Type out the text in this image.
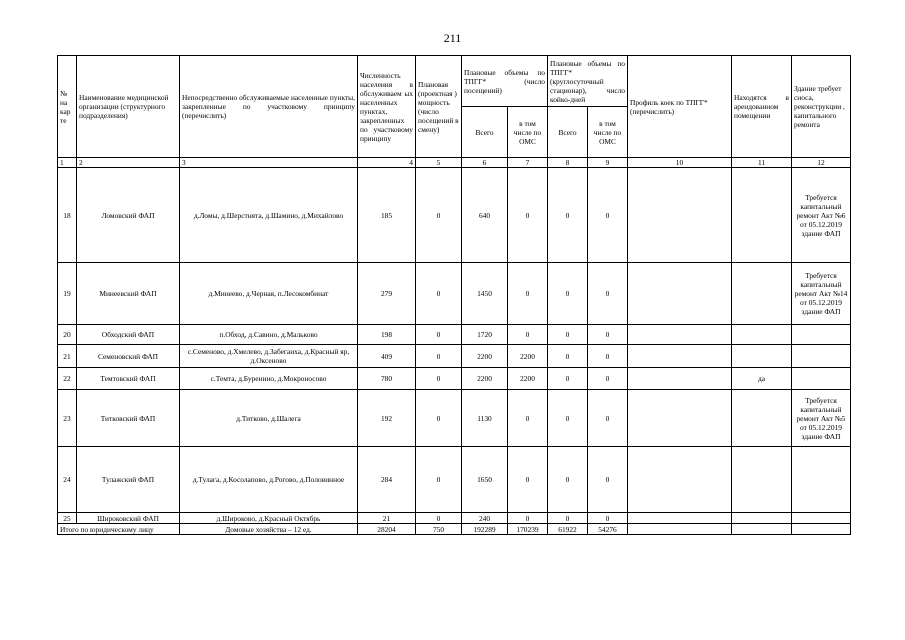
211
№ на кар те	Наименование медицинской организации (структурного подразделения)	Непосредственно обслуживаемые населенные пункты, закрепленные по участковому принципу (перечислить)	Численность населения в обслуживаем ых населенных пунктах, закрепленных по участковому принципу	Плановая (проектная ) мощность (число посещений в смену)	Плановые объемы по ТПГГ* (число посещений)		Плановые объемы по ТПГГ* (круглосуточный стационар), число койко-дней		Профиль коек по ТПГГ* (перечислить)	Находятся в арендованном помещении	Здание требует сноса, реконструкции , капитального ремонта
					Всего	в том числе по ОМС	Всего	в том числе по ОМС			
1	2	3	4	5	6	7	8	9	10	11	12
18	Ломовский ФАП	д.Ломы, д.Шерстнята, д.Шамино, д.Михайлово	185	0	640	0	0	0			Требуется капитальный ремонт Акт №6 от 05.12.2019 здание ФАП
19	Минеевский ФАП	д.Минеево, д.Черная, п.Лесокомбинат	279	0	1450	0	0	0			Требуется капитальный ремонт Акт №14 от 05.12.2019 здание ФАП
20	Обходский ФАП	п.Обход, д.Савино, д.Мальково	198	0	1720	0	0	0			
21	Семеновский ФАП	с.Семеново, д.Хмелево, д.Забегаиха, д.Красный яр, д.Оксеново	409	0	2200	2200	0	0			
22	Темтовский ФАП	с.Темта, д.Буренино, д.Мокроносово	780	0	2200	2200	0	0		да	
23	Титковский ФАП	д.Титково, д.Шалега	192	0	1130	0	0	0			Требуется капитальный ремонт Акт №5 от 05.12.2019 здание ФАП
24	Тулажский ФАП	д.Тулага, д.Косолапово, д.Рогово, д.Половинное	284	0	1650	0	0	0			
25	Широковский ФАП	д.Широково, д.Красный Октябрь	21	0	240	0	0	0			
Итого по юридическому лицу		Домовые хозяйства – 12 ед.	28204	750	192289	170239	61922	54276			
